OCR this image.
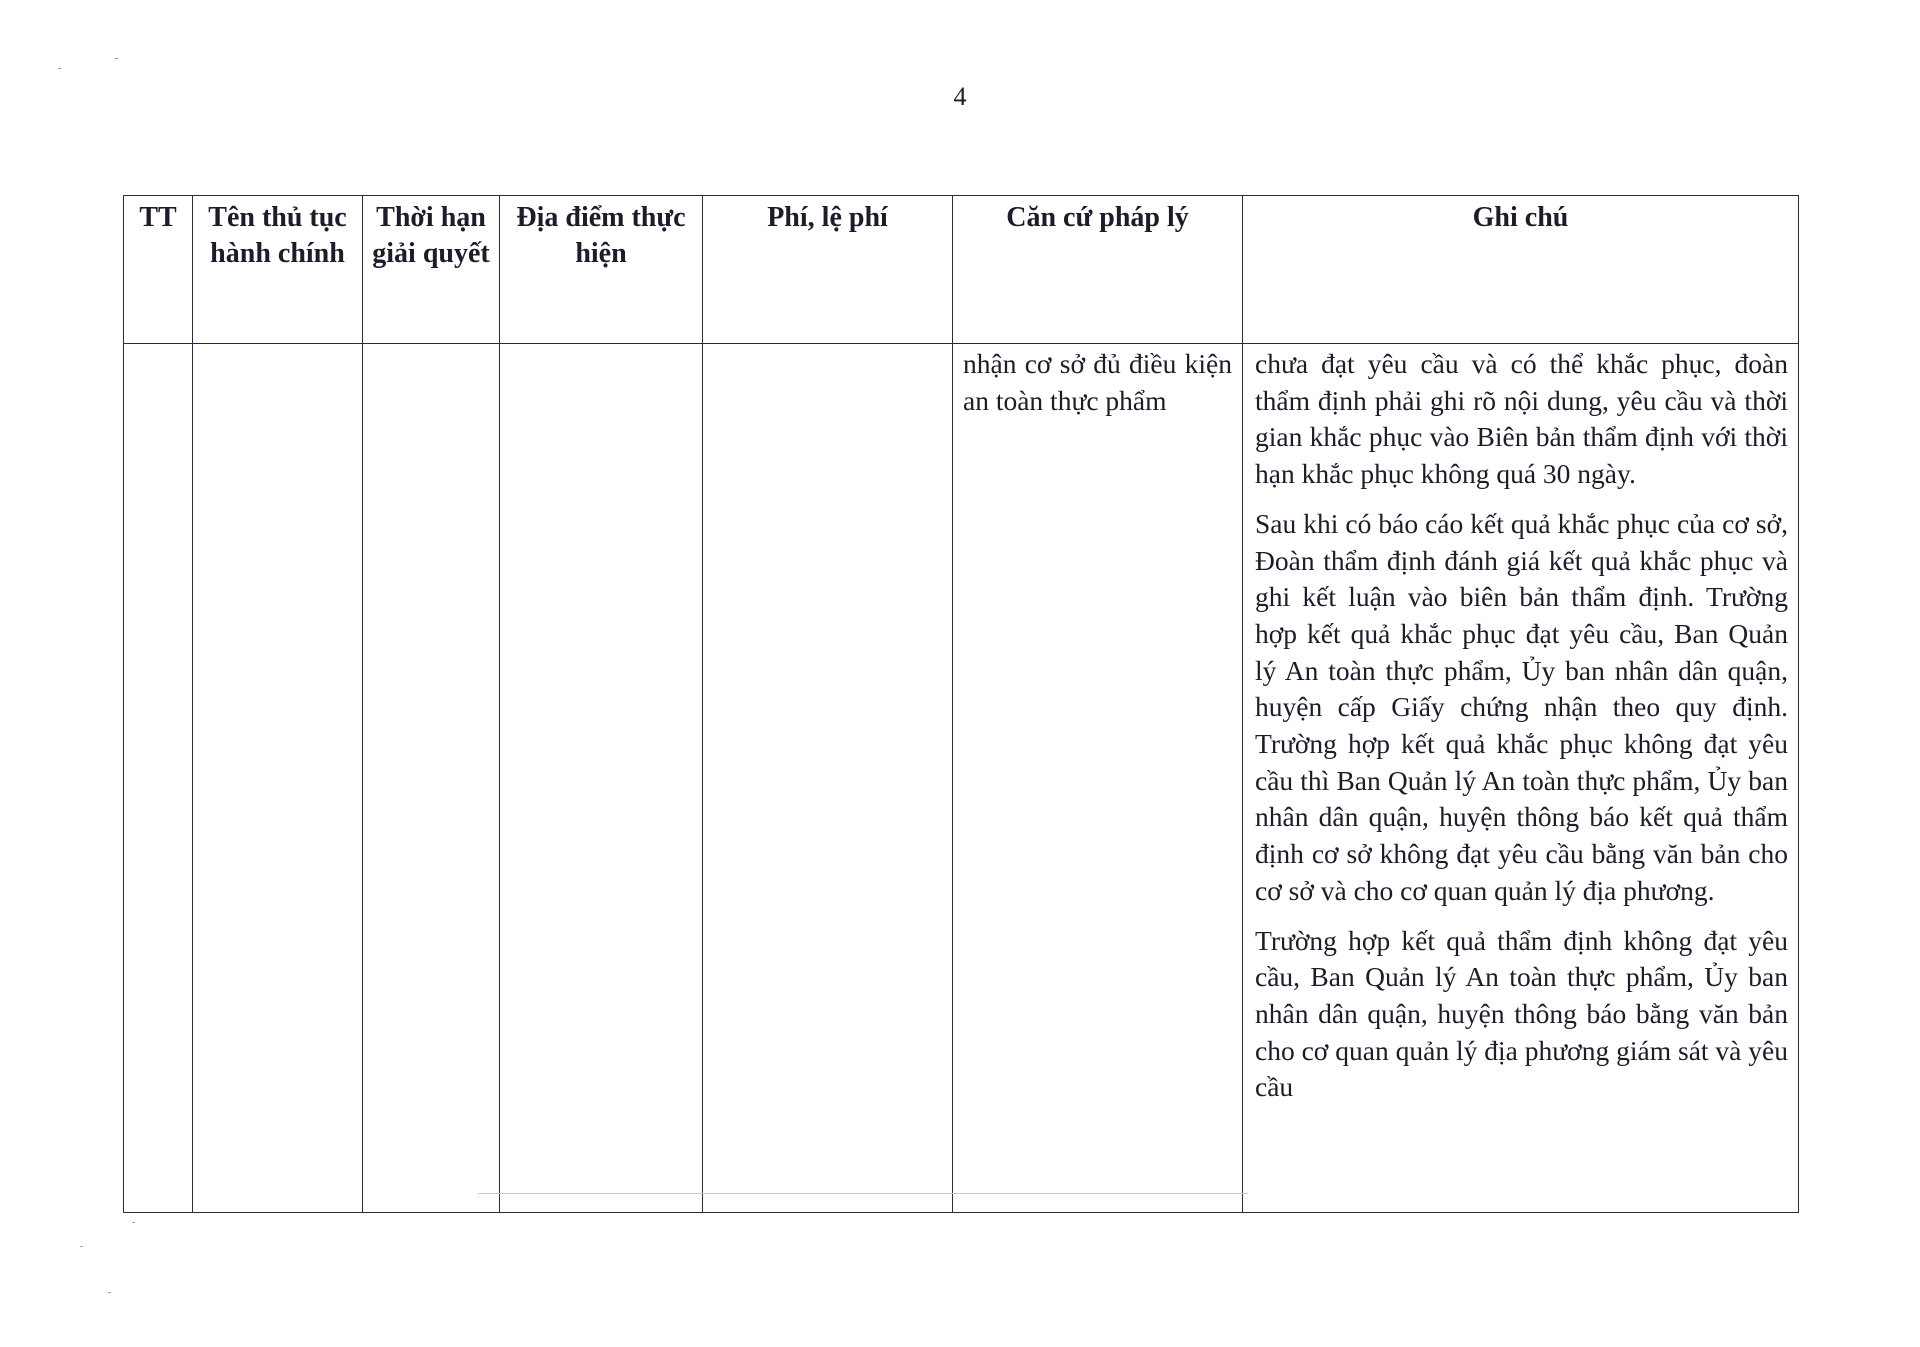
4
TT	Tên thủ tục hành chính	Thời hạn giải quyết	Địa điểm thực hiện	Phí, lệ phí	Căn cứ pháp lý	Ghi chú
					nhận cơ sở đủ điều kiện an toàn thực phẩm	chưa đạt yêu cầu và có thể khắc phục, đoàn thẩm định phải ghi rõ nội dung, yêu cầu và thời gian khắc phục vào Biên bản thẩm định với thời hạn khắc phục không quá 30 ngày.

Sau khi có báo cáo kết quả khắc phục của cơ sở, Đoàn thẩm định đánh giá kết quả khắc phục và ghi kết luận vào biên bản thẩm định. Trường hợp kết quả khắc phục đạt yêu cầu, Ban Quản lý An toàn thực phẩm, Ủy ban nhân dân quận, huyện cấp Giấy chứng nhận theo quy định. Trường hợp kết quả khắc phục không đạt yêu cầu thì Ban Quản lý An toàn thực phẩm, Ủy ban nhân dân quận, huyện thông báo kết quả thẩm định cơ sở không đạt yêu cầu bằng văn bản cho cơ sở và cho cơ quan quản lý địa phương.

Trường hợp kết quả thẩm định không đạt yêu cầu, Ban Quản lý An toàn thực phẩm, Ủy ban nhân dân quận, huyện thông báo bằng văn bản cho cơ quan quản lý địa phương giám sát và yêu cầu
